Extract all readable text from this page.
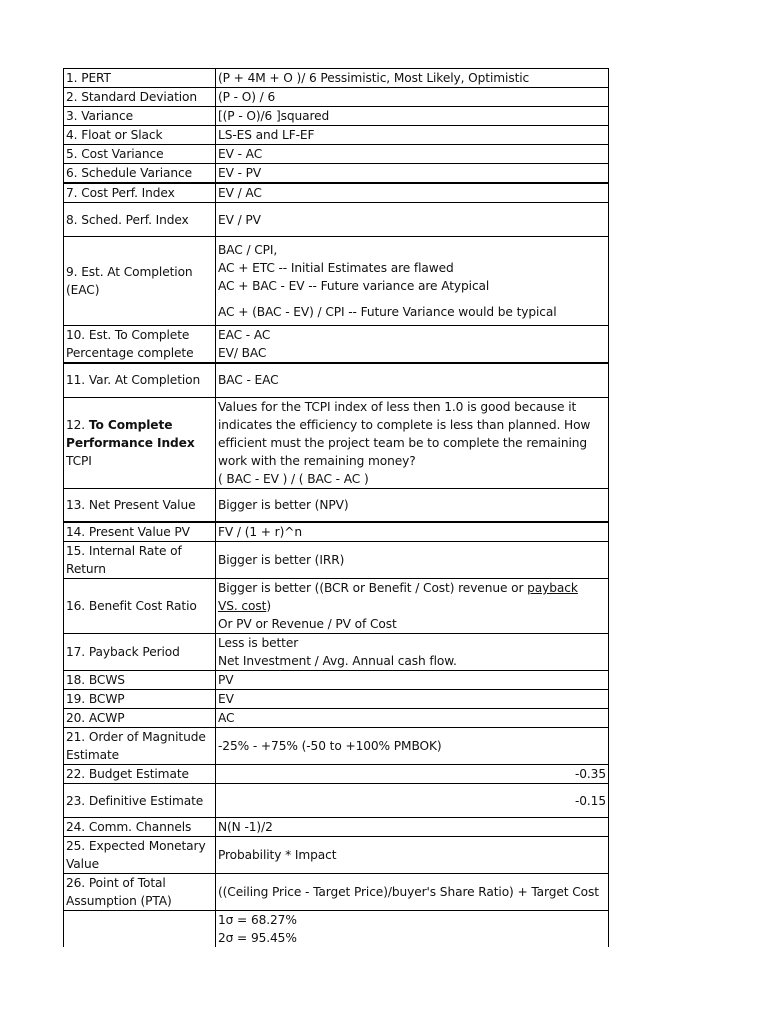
1. PERT	(P + 4M + O )/ 6 Pessimistic, Most Likely, Optimistic
2. Standard Deviation	(P - O) / 6
3. Variance	[(P - O)/6 ]squared
4. Float or Slack	LS-ES and LF-EF
5. Cost Variance	EV - AC
6. Schedule Variance	EV - PV
7. Cost Perf. Index	EV / AC
8. Sched. Perf. Index	EV / PV
9. Est. At Completion (EAC)	BAC / CPI,
AC + ETC -- Initial Estimates are flawed
AC + BAC - EV -- Future variance are Atypical
AC + (BAC - EV) / CPI -- Future Variance would be typical

10. Est. To Complete
Percentage complete	EAC - AC
EV/ BAC

11. Var. At Completion	BAC - EAC
12. To Complete Performance Index
TCPI	Values for the TCPI index of less then 1.0 is good because it
indicates the efficiency to complete is less than planned. How
efficient must the project team be to complete the remaining
work with the remaining money?
( BAC - EV ) / ( BAC - AC )

13. Net Present Value	Bigger is better (NPV)
14. Present Value PV	FV / (1 + r)^n
15. Internal Rate of Return	Bigger is better (IRR)
16. Benefit Cost Ratio	Bigger is better ((BCR or Benefit / Cost) revenue or payback
VS. cost)
Or PV or Revenue / PV of Cost

17. Payback Period	Less is better
Net Investment / Avg. Annual cash flow.

18. BCWS	PV
19. BCWP	EV
20. ACWP	AC
21. Order of Magnitude Estimate	-25% - +75% (-50 to +100% PMBOK)
22. Budget Estimate	-0.35
23. Definitive Estimate	-0.15
24. Comm. Channels	N(N -1)/2
25. Expected Monetary Value	Probability * Impact
26. Point of Total Assumption (PTA)	((Ceiling Price - Target Price)/buyer's Share Ratio) + Target Cost

	1σ = 68.27%
2σ = 95.45%
